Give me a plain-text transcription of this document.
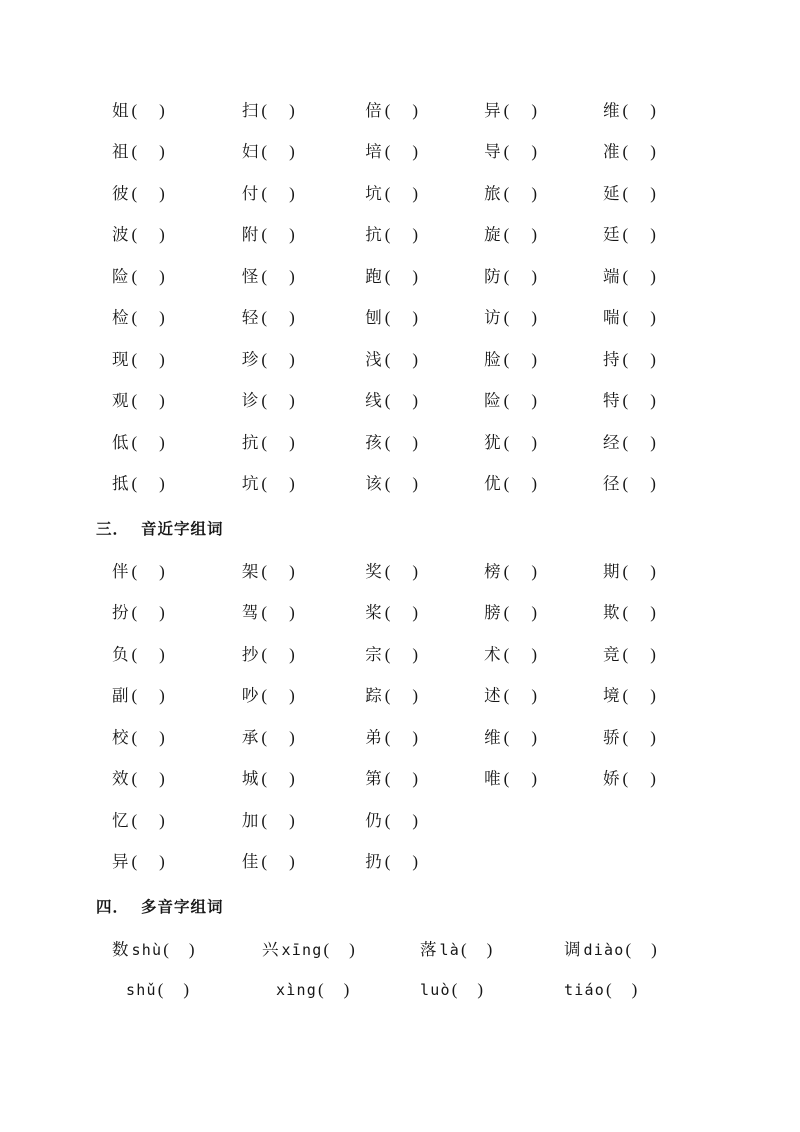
姐 ( )	扫 ( )	倍 ( )	异 ( )	维 ( )
祖 ( )	妇 ( )	培 ( )	导 ( )	准 ( )
彼 ( )	付 ( )	坑 ( )	旅 ( )	延 ( )
波 ( )	附 ( )	抗 ( )	旋 ( )	廷 ( )
险 ( )	怪 ( )	跑 ( )	防 ( )	端 ( )
检 ( )	轻 ( )	刨 ( )	访 ( )	喘 ( )
现 ( )	珍 ( )	浅 ( )	脸 ( )	持 ( )
观 ( )	诊 ( )	线 ( )	险 ( )	特 ( )
低 ( )	抗 ( )	孩 ( )	犹 ( )	经 ( )
抵 ( )	坑 ( )	该 ( )	优 ( )	径 ( )
三． 音近字组词
伴 ( )	架 ( )	奖 ( )	榜 ( )	期 ( )
扮 ( )	驾 ( )	桨 ( )	膀 ( )	欺 ( )
负 ( )	抄 ( )	宗 ( )	术 ( )	竞 ( )
副 ( )	吵 ( )	踪 ( )	述 ( )	境 ( )
校 ( )	承 ( )	弟 ( )	维 ( )	骄 ( )
效 ( )	城 ( )	第 ( )	唯 ( )	娇 ( )
忆 ( )	加 ( )	仍 ( )		
异 ( )	佳 ( )	扔 ( )		
四． 多音字组词
数 shù ( )	兴 xīng ( )	落 là ( )	调 diào ( )
shǔ ( )	xìng ( )	luò ( )	tiáo ( )
